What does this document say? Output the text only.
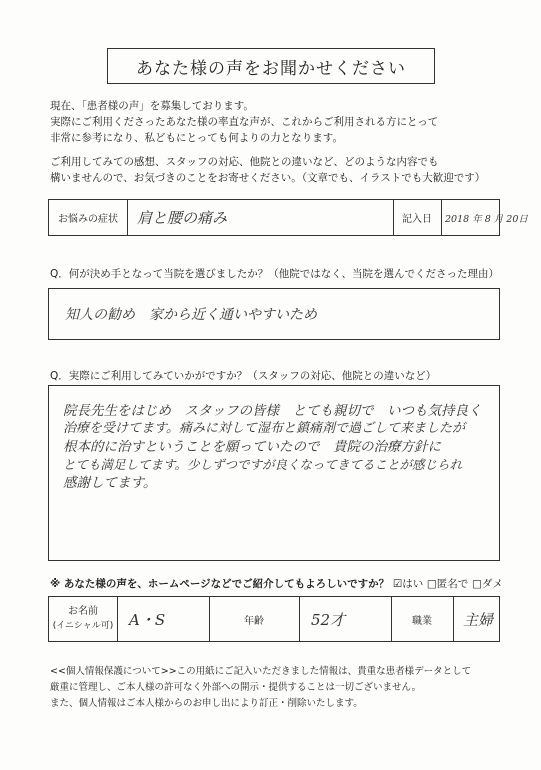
あなた様の声をお聞かせください

現在、「患者様の声」を募集しております。

実際にご利用くださったあなた様の率直な声が、これからご利用される方にとって

非常に参考になり、私どもにとっても何よりの力となります。

ご利用してみての感想、スタッフの対応、他院との違いなど、どのような内容でも

構いませんので、お気づきのことをお寄せください。（文章でも、イラストでも大歓迎です）

お悩みの症状	肩と腰の痛み	記入日	2018 年 8 月 20日
Q．何が決め手となって当院を選びましたか？（他院ではなく、当院を選んでくださった理由）
知人の勧め　家から近く通いやすいため
Q．実際にご利用してみていかがですか？（スタッフの対応、他院との違いなど）
院長先生をはじめ　スタッフの皆様　とても親切で　いつも気持良く
治療を受けてます。痛みに対して湿布と鎮痛剤で過ごして来ましたが
根本的に治すということを願っていたので　貴院の治療方針に
とても満足してます。少しずつですが良くなってきてることが感じられ
感謝してます。
※ あなた様の声を、ホームページなどでご紹介してもよろしいですか？ ☑はい □匿名で □ダメ
お名前
(イニシャル可) A・S	年齢	52才	職業	主婦

<<個人情報保護について>>この用紙にご記入いただきました情報は、貴重な患者様データとして

厳重に管理し、ご本人様の許可なく外部への開示・提供することは一切ございません。

また、個人情報はご本人様からのお申し出により訂正・削除いたします。
